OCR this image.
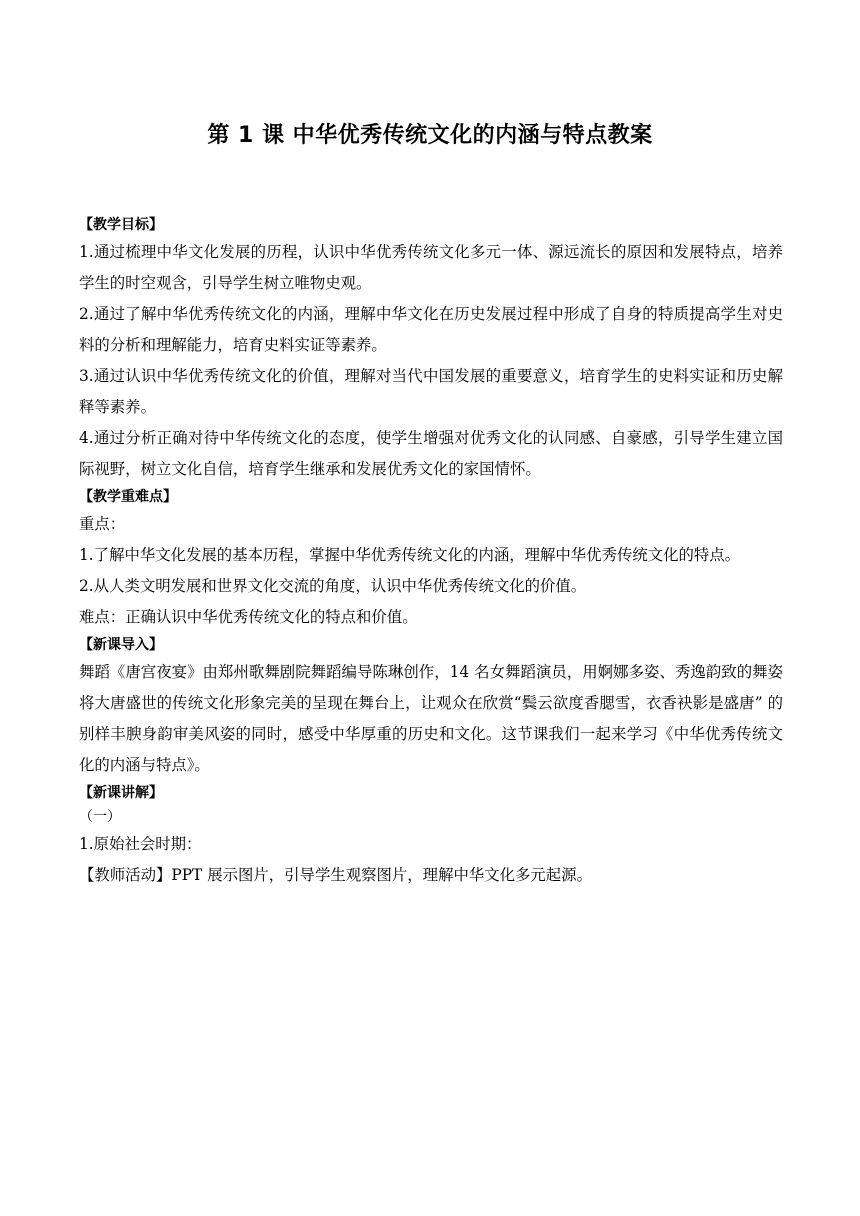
第 1 课 中华优秀传统文化的内涵与特点教案
【教学目标】

1.通过梳理中华文化发展的历程，认识中华优秀传统文化多元一体、源远流长的原因和发展特点，培养学生的时空观含，引导学生树立唯物史观。

2.通过了解中华优秀传统文化的内涵，理解中华文化在历史发展过程中形成了自身的特质提高学生对史料的分析和理解能力，培育史料实证等素养。

3.通过认识中华优秀传统文化的价值，理解对当代中国发展的重要意义，培育学生的史料实证和历史解释等素养。

4.通过分析正确对待中华传统文化的态度，使学生增强对优秀文化的认同感、自豪感，引导学生建立国际视野，树立文化自信，培育学生继承和发展优秀文化的家国情怀。

【教学重难点】

重点：

1.了解中华文化发展的基本历程，掌握中华优秀传统文化的内涵，理解中华优秀传统文化的特点。

2.从人类文明发展和世界文化交流的角度，认识中华优秀传统文化的价值。

难点：正确认识中华优秀传统文化的特点和价值。

【新课导入】

舞蹈《唐宫夜宴》由郑州歌舞剧院舞蹈编导陈琳创作，14 名女舞蹈演员，用婀娜多姿、秀逸韵致的舞姿将大唐盛世的传统文化形象完美的呈现在舞台上，让观众在欣赏“鬓云欲度香腮雪，衣香袂影是盛唐” 的别样丰腴身韵审美风姿的同时，感受中华厚重的历史和文化。这节课我们一起来学习《中华优秀传统文化的内涵与特点》。

【新课讲解】

（一）

1.原始社会时期：

【教师活动】PPT 展示图片，引导学生观察图片，理解中华文化多元起源。
